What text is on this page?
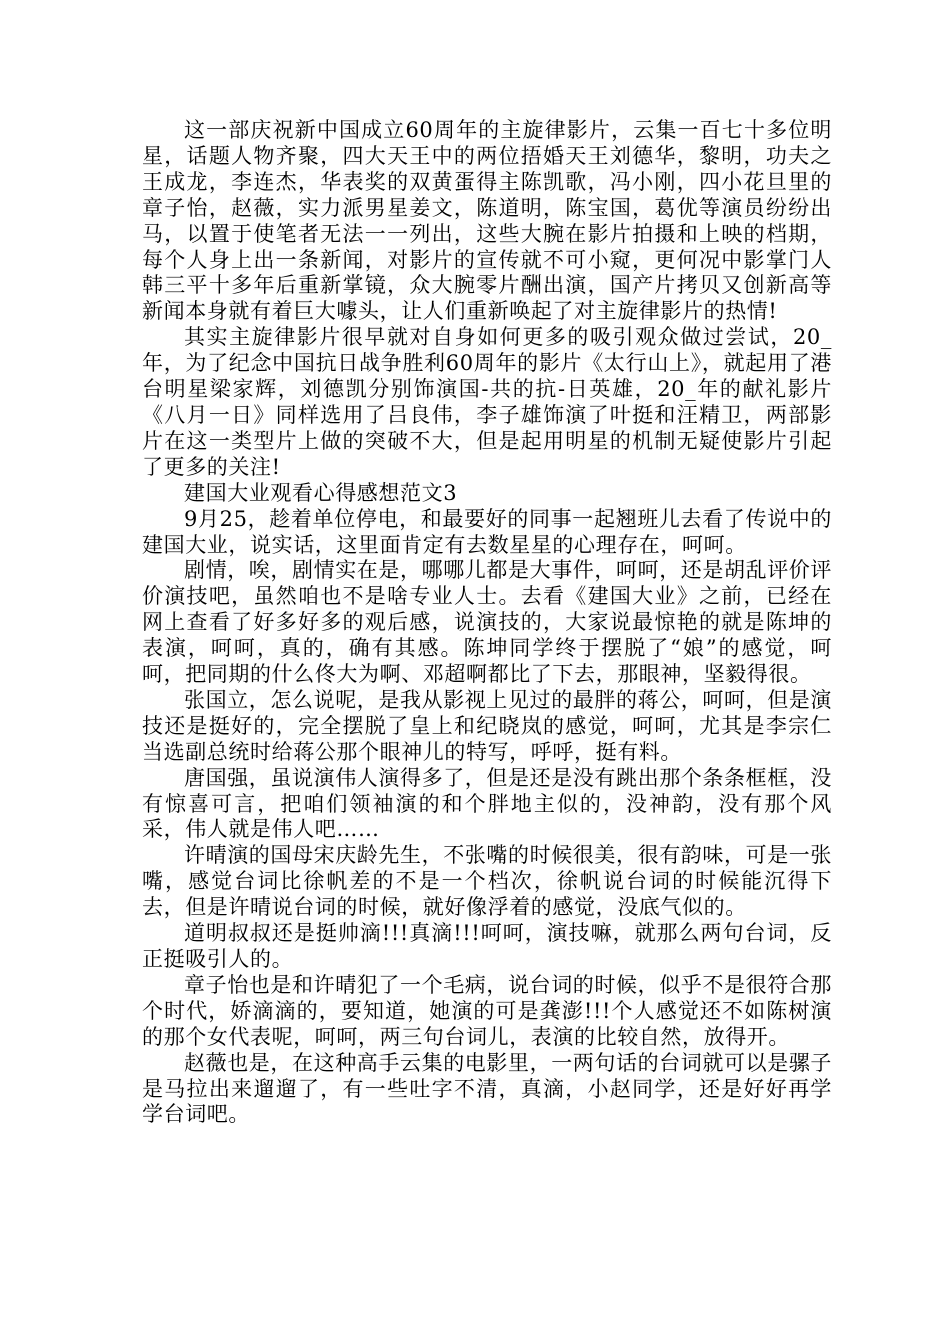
这一部庆祝新中国成立60周年的主旋律影片，云集一百七十多位明星，话题人物齐聚，四大天王中的两位捂婚天王刘德华，黎明，功夫之王成龙，李连杰，华表奖的双黄蛋得主陈凯歌，冯小刚，四小花旦里的章子怡，赵薇，实力派男星姜文，陈道明，陈宝国，葛优等演员纷纷出马，以置于使笔者无法一一列出，这些大腕在影片拍摄和上映的档期，每个人身上出一条新闻，对影片的宣传就不可小窥，更何况中影掌门人韩三平十多年后重新掌镜，众大腕零片酬出演，国产片拷贝又创新高等新闻本身就有着巨大噱头，让人们重新唤起了对主旋律影片的热情!

其实主旋律影片很早就对自身如何更多的吸引观众做过尝试，20_年，为了纪念中国抗日战争胜利60周年的影片《太行山上》，就起用了港台明星梁家辉，刘德凯分别饰演国-共的抗-日英雄，20_年的献礼影片《八月一日》同样选用了吕良伟，李子雄饰演了叶挺和汪精卫，两部影片在这一类型片上做的突破不大，但是起用明星的机制无疑使影片引起了更多的关注!

建国大业观看心得感想范文3

9月25，趁着单位停电，和最要好的同事一起翘班儿去看了传说中的建国大业，说实话，这里面肯定有去数星星的心理存在，呵呵。

剧情，唉，剧情实在是，哪哪儿都是大事件，呵呵，还是胡乱评价评价演技吧，虽然咱也不是啥专业人士。去看《建国大业》之前，已经在网上查看了好多好多的观后感，说演技的，大家说最惊艳的就是陈坤的表演，呵呵，真的，确有其感。陈坤同学终于摆脱了“娘”的感觉，呵呵，把同期的什么佟大为啊、邓超啊都比了下去，那眼神，坚毅得很。

张国立，怎么说呢，是我从影视上见过的最胖的蒋公，呵呵，但是演技还是挺好的，完全摆脱了皇上和纪晓岚的感觉，呵呵，尤其是李宗仁当选副总统时给蒋公那个眼神儿的特写，呼呼，挺有料。

唐国强，虽说演伟人演得多了，但是还是没有跳出那个条条框框，没有惊喜可言，把咱们领袖演的和个胖地主似的，没神韵，没有那个风采，伟人就是伟人吧……

许晴演的国母宋庆龄先生，不张嘴的时候很美，很有韵味，可是一张嘴，感觉台词比徐帆差的不是一个档次，徐帆说台词的时候能沉得下去，但是许晴说台词的时候，就好像浮着的感觉，没底气似的。

道明叔叔还是挺帅滴!!!真滴!!!呵呵，演技嘛，就那么两句台词，反正挺吸引人的。

章子怡也是和许晴犯了一个毛病，说台词的时候，似乎不是很符合那个时代，娇滴滴的，要知道，她演的可是龚澎!!!个人感觉还不如陈树演的那个女代表呢，呵呵，两三句台词儿，表演的比较自然，放得开。

赵薇也是，在这种高手云集的电影里，一两句话的台词就可以是骡子是马拉出来遛遛了，有一些吐字不清，真滴，小赵同学，还是好好再学学台词吧。
